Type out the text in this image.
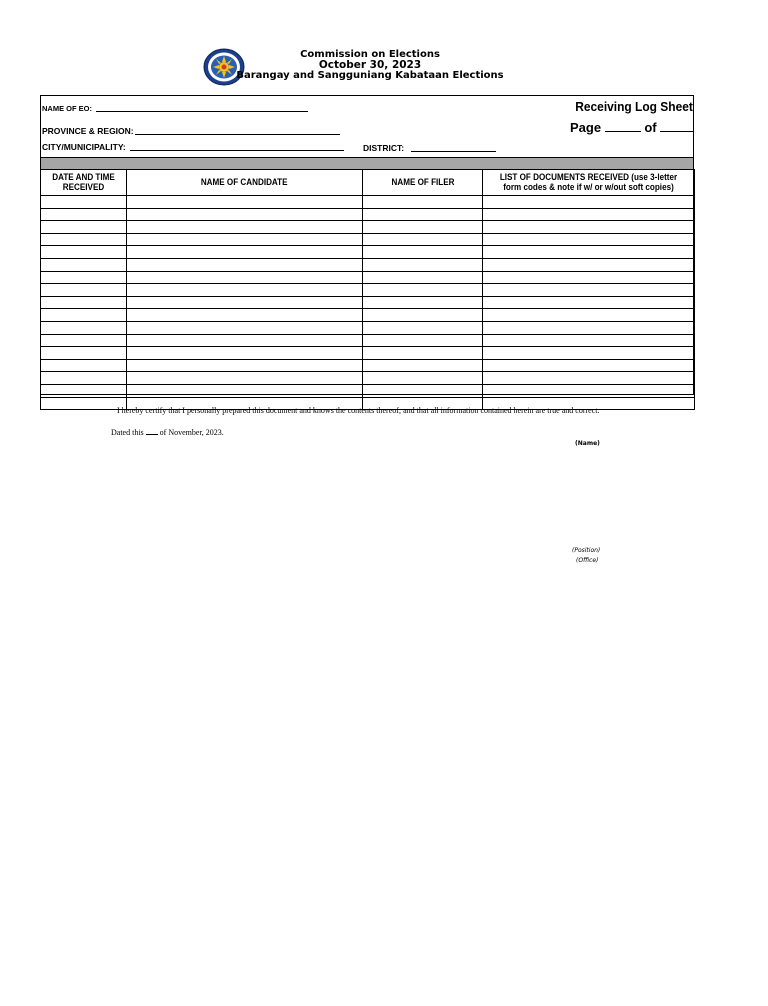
Commission on Elections
October 30, 2023
Barangay and Sangguniang Kabataan Elections
NAME OF EO:	Receiving Log Sheet
PROVINCE & REGION:	Page	of
CITY/MUNICIPALITY:	DISTRICT:
DATE AND TIME RECEIVED	NAME OF CANDIDATE	NAME OF FILER	LIST OF DOCUMENTS RECEIVED (use 3-letter form codes & note if w/ or w/out soft copies)

I hereby certify that I personally prepared this document and knows the contents thereof; and that all information contained herein are true and correct.
Dated this of November, 2023.
(Name)
(Position)
(Office)
